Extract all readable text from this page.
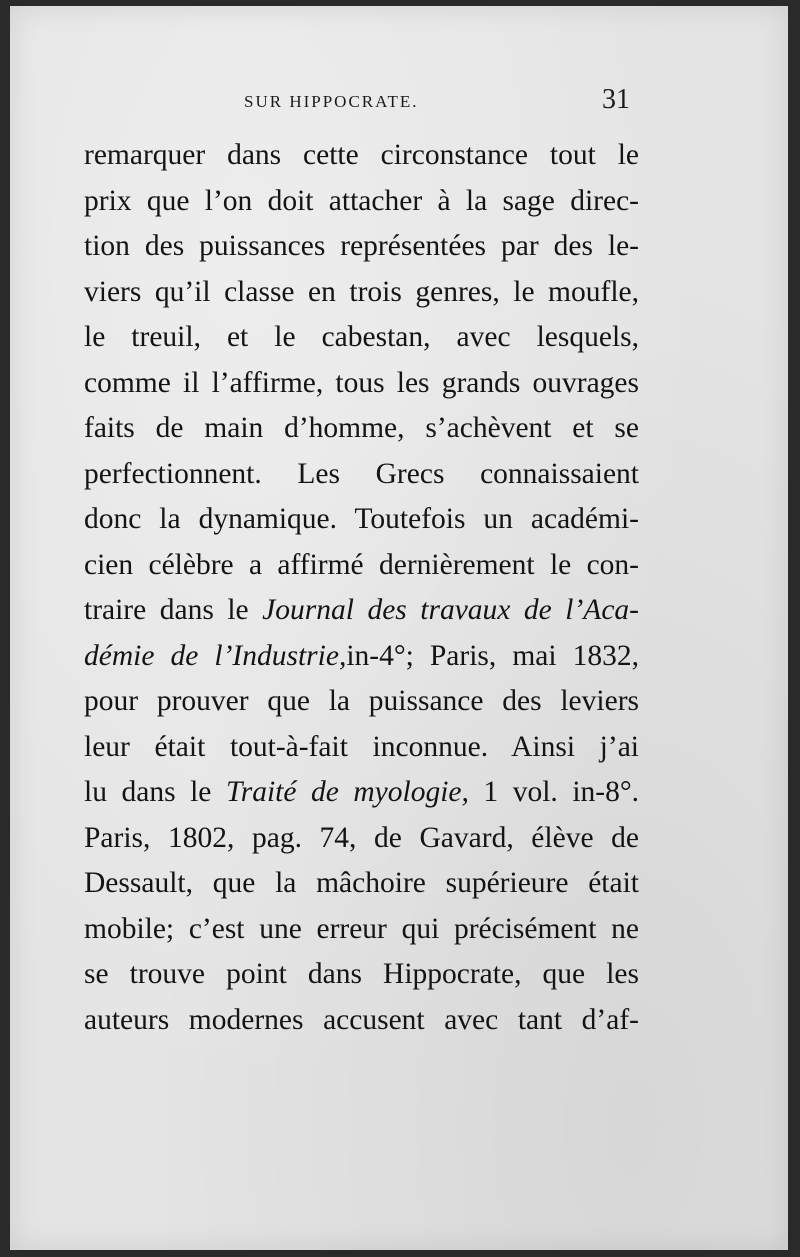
SUR HIPPOCRATE.	31
remarquer dans cette circonstance tout le
prix que l’on doit attacher à la sage direc-
tion des puissances représentées par des le-
viers qu’il classe en trois genres, le moufle,
le treuil, et le cabestan, avec lesquels,
comme il l’affirme, tous les grands ouvrages
faits de main d’homme, s’achèvent et se
perfectionnent. Les Grecs connaissaient
donc la dynamique. Toutefois un académi-
cien célèbre a affirmé dernièrement le con-
traire dans le Journal des travaux de l’Aca-
démie de l’Industrie,in-4°; Paris, mai 1832,
pour prouver que la puissance des leviers
leur était tout-à-fait inconnue. Ainsi j’ai
lu dans le Traité de myologie, 1 vol. in-8°.
Paris, 1802, pag. 74, de Gavard, élève de
Dessault, que la mâchoire supérieure était
mobile; c’est une erreur qui précisément ne
se trouve point dans Hippocrate, que les
auteurs modernes accusent avec tant d’af-
